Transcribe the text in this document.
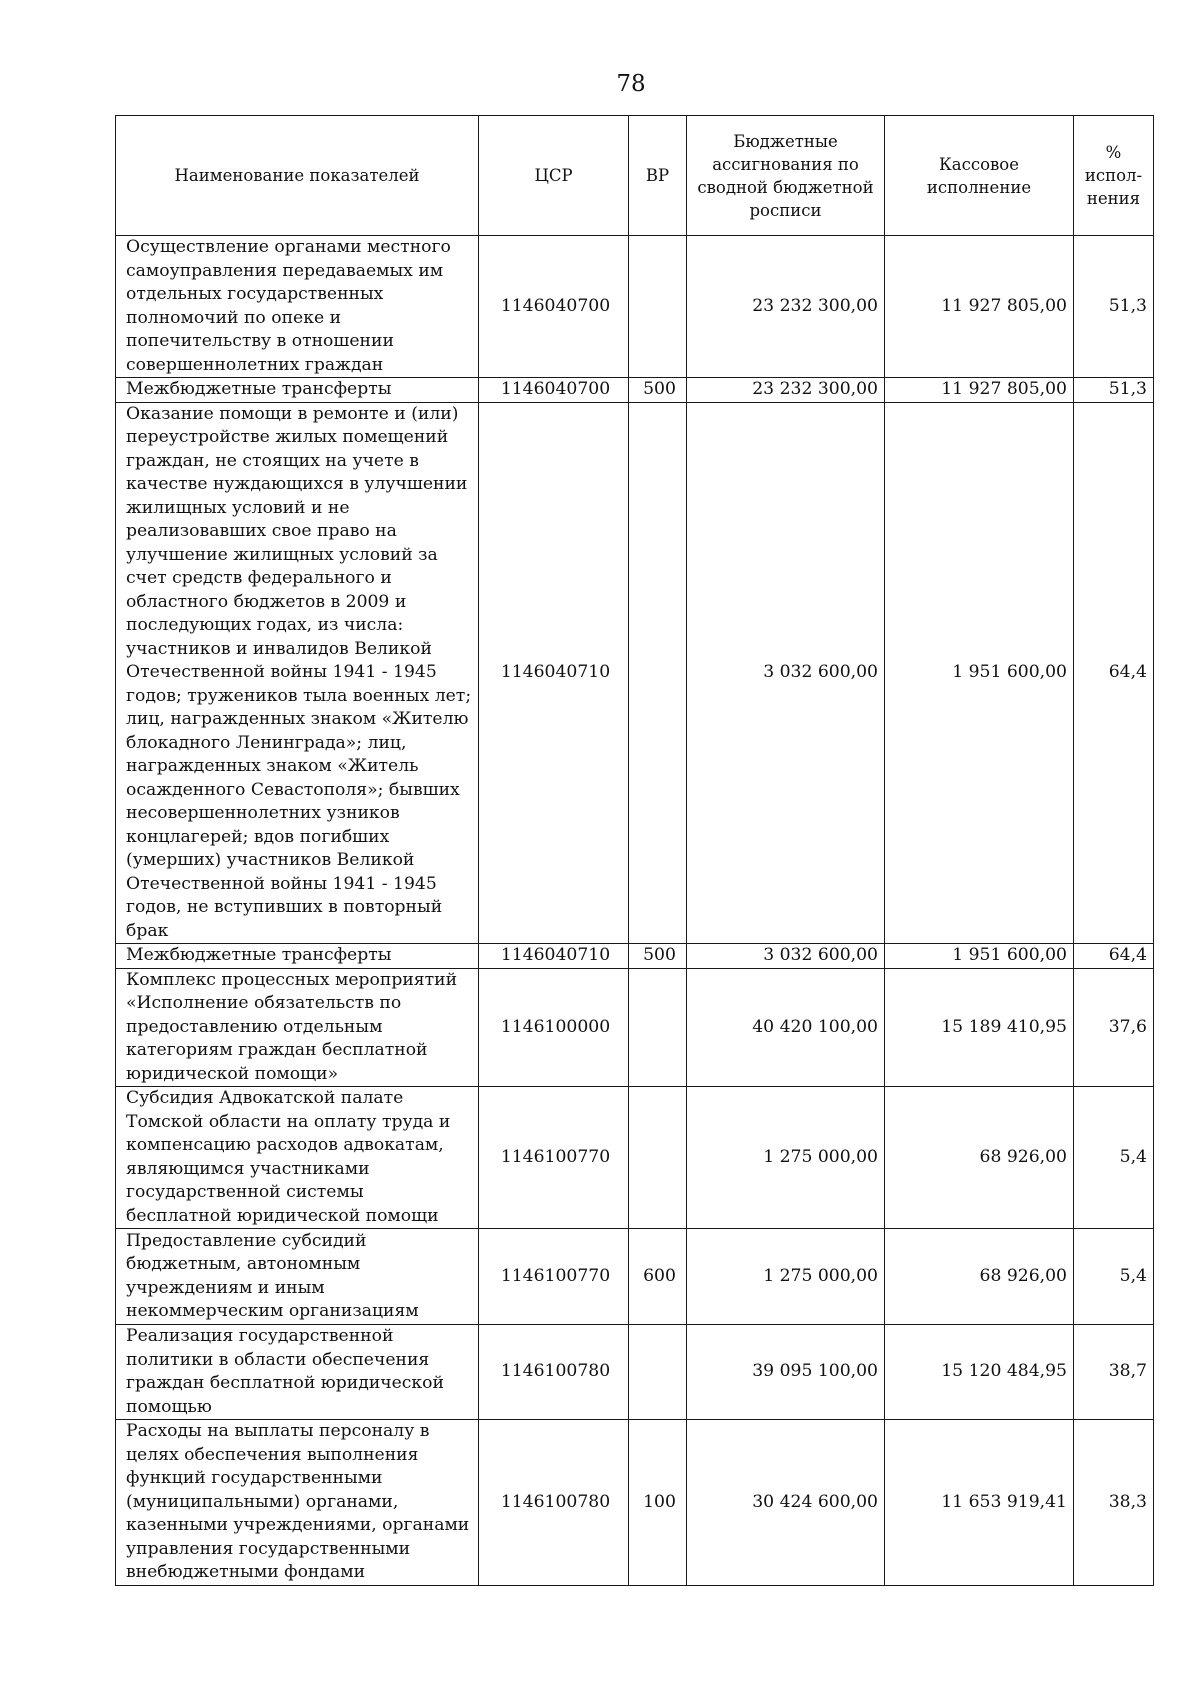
78
Наименование показателей	ЦСР	ВР	Бюджетные ассигнования по сводной бюджетной росписи	Кассовое исполнение	% испол-нения
Осуществление органами местного самоуправления передаваемых им отдельных государственных полномочий по опеке и попечительству в отношении совершеннолетних граждан	1146040700		23 232 300,00	11 927 805,00	51,3
Межбюджетные трансферты	1146040700	500	23 232 300,00	11 927 805,00	51,3
Оказание помощи в ремонте и (или) переустройстве жилых помещений граждан, не стоящих на учете в качестве нуждающихся в улучшении жилищных условий и не реализовавших свое право на улучшение жилищных условий за счет средств федерального и областного бюджетов в 2009 и последующих годах, из числа: участников и инвалидов Великой Отечественной войны 1941 - 1945 годов; тружеников тыла военных лет; лиц, награжденных знаком «Жителю блокадного Ленинграда»; лиц, награжденных знаком «Житель осажденного Севастополя»; бывших несовершеннолетних узников концлагерей; вдов погибших (умерших) участников Великой Отечественной войны 1941 - 1945 годов, не вступивших в повторный брак	1146040710		3 032 600,00	1 951 600,00	64,4
Межбюджетные трансферты	1146040710	500	3 032 600,00	1 951 600,00	64,4
Комплекс процессных мероприятий «Исполнение обязательств по предоставлению отдельным категориям граждан бесплатной юридической помощи»	1146100000		40 420 100,00	15 189 410,95	37,6
Субсидия Адвокатской палате Томской области на оплату труда и компенсацию расходов адвокатам, являющимся участниками государственной системы бесплатной юридической помощи	1146100770		1 275 000,00	68 926,00	5,4
Предоставление субсидий бюджетным, автономным учреждениям и иным некоммерческим организациям	1146100770	600	1 275 000,00	68 926,00	5,4
Реализация государственной политики в области обеспечения граждан бесплатной юридической помощью	1146100780		39 095 100,00	15 120 484,95	38,7
Расходы на выплаты персоналу в целях обеспечения выполнения функций государственными (муниципальными) органами, казенными учреждениями, органами управления государственными внебюджетными фондами	1146100780	100	30 424 600,00	11 653 919,41	38,3
